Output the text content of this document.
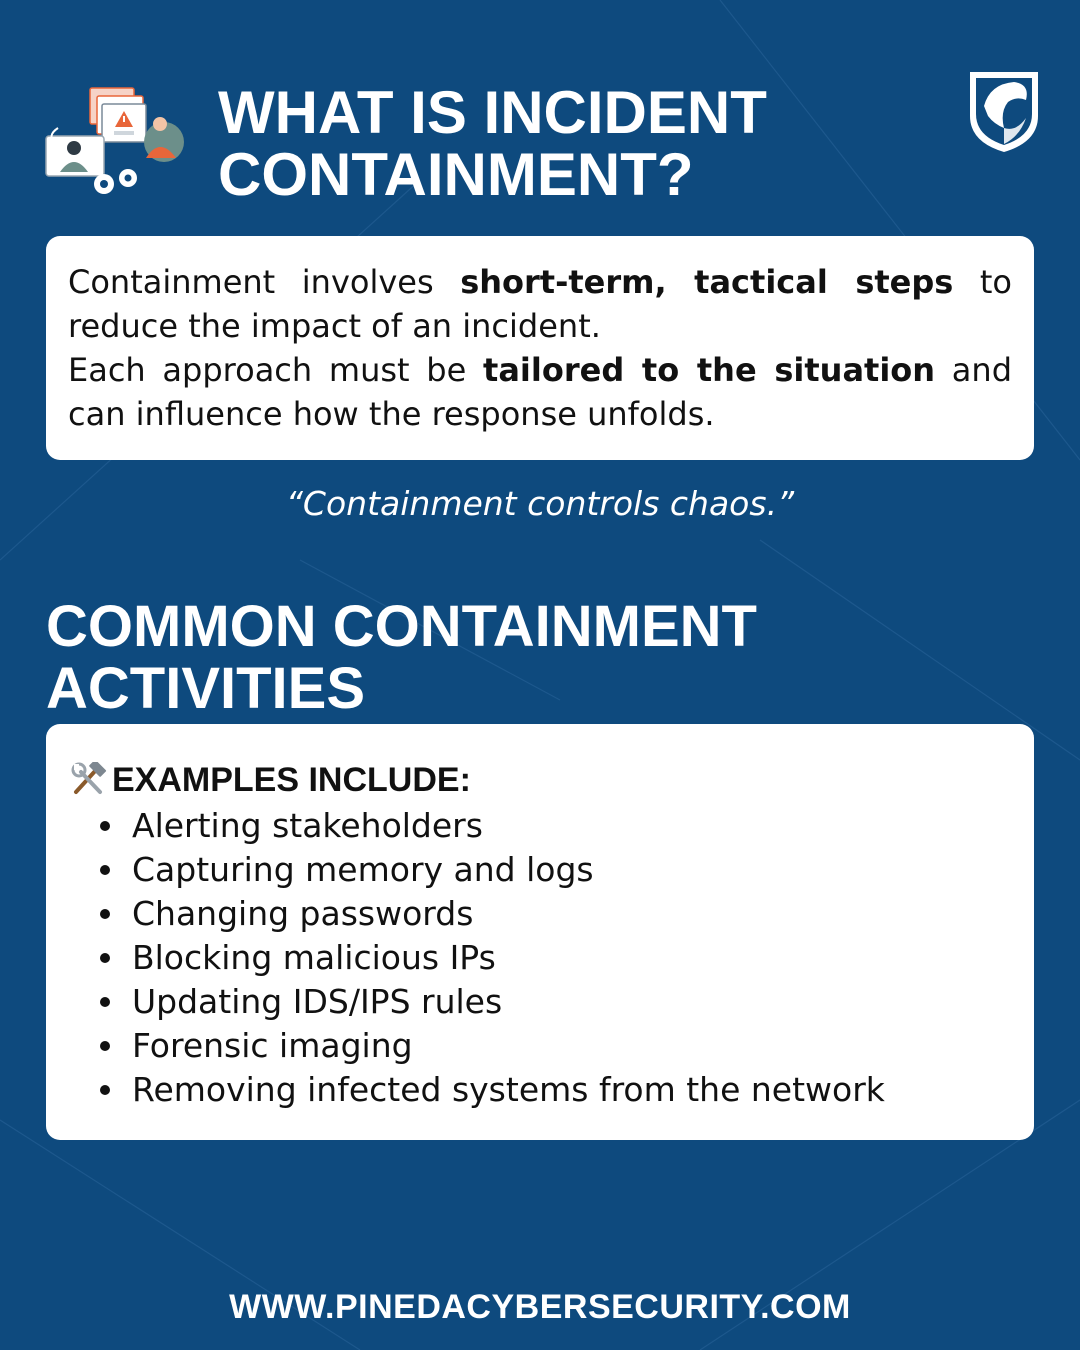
WHAT IS INCIDENT
CONTAINMENT?

Containment involves short-term, tactical steps to reduce the impact of an incident.
Each approach must be tailored to the situation and can influence how the response unfolds.

“Containment controls chaos.”

COMMON CONTAINMENT
ACTIVITIES
EXAMPLES INCLUDE:
Alerting stakeholders
Capturing memory and logs
Changing passwords
Blocking malicious IPs
Updating IDS/IPS rules
Forensic imaging
Removing infected systems from the network
WWW.PINEDACYBERSECURITY.COM
